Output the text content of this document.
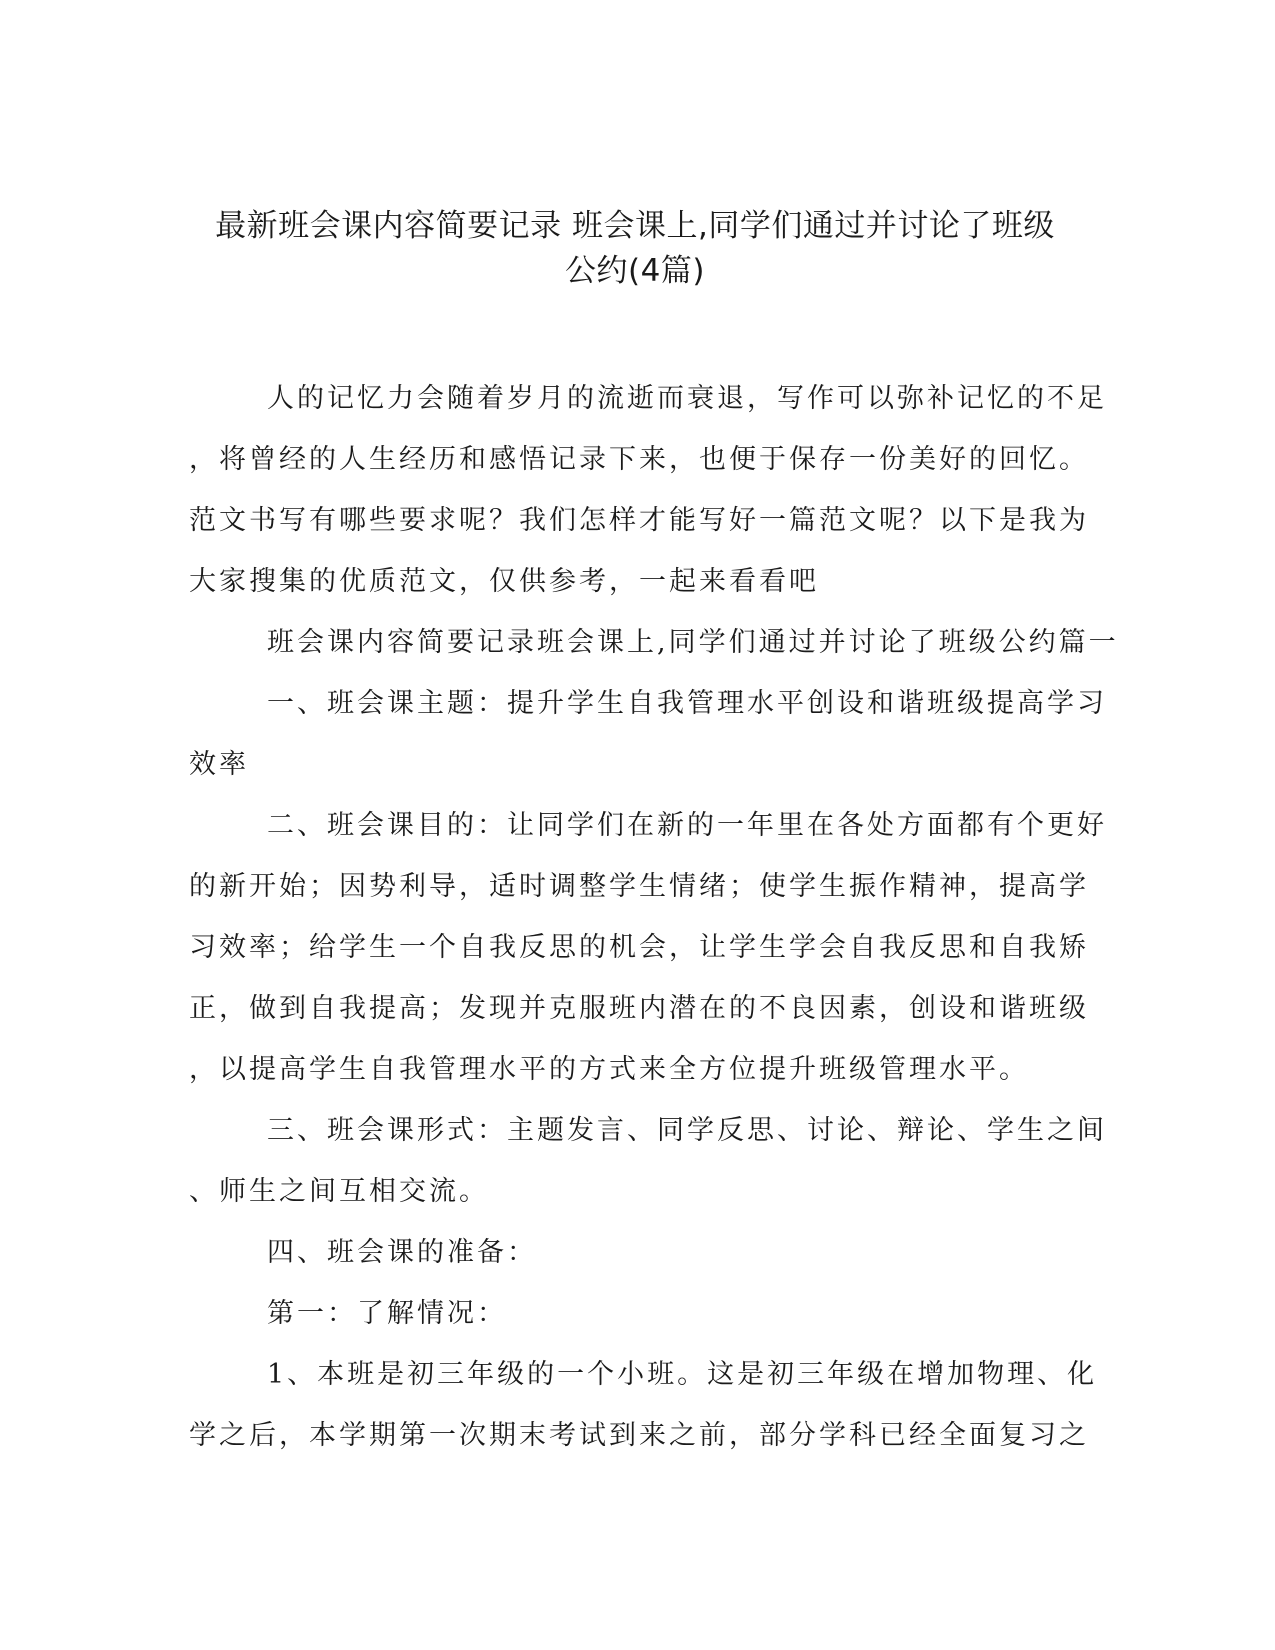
最新班会课内容简要记录 班会课上,同学们通过并讨论了班级
公约(4篇)

人的记忆力会随着岁月的流逝而衰退，写作可以弥补记忆的不足
，将曾经的人生经历和感悟记录下来，也便于保存一份美好的回忆。
范文书写有哪些要求呢？我们怎样才能写好一篇范文呢？以下是我为
大家搜集的优质范文，仅供参考，一起来看看吧

班会课内容简要记录班会课上,同学们通过并讨论了班级公约篇一

一、班会课主题：提升学生自我管理水平创设和谐班级提高学习
效率

二、班会课目的：让同学们在新的一年里在各处方面都有个更好
的新开始；因势利导，适时调整学生情绪；使学生振作精神，提高学
习效率；给学生一个自我反思的机会，让学生学会自我反思和自我矫
正，做到自我提高；发现并克服班内潜在的不良因素，创设和谐班级
，以提高学生自我管理水平的方式来全方位提升班级管理水平。

三、班会课形式：主题发言、同学反思、讨论、辩论、学生之间
、师生之间互相交流。

四、班会课的准备：

第一：了解情况：

1、本班是初三年级的一个小班。这是初三年级在增加物理、化
学之后，本学期第一次期末考试到来之前，部分学科已经全面复习之
